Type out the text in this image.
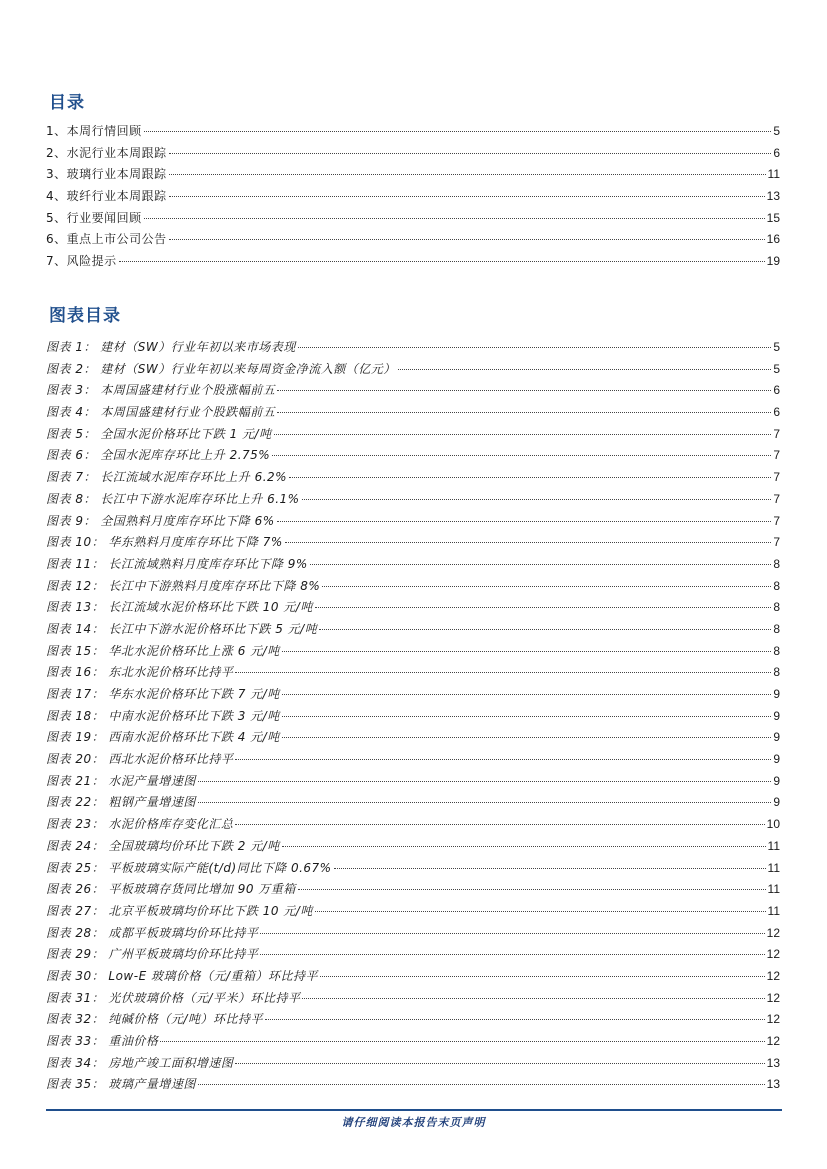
目录
1、本周行情回顾	5
2、水泥行业本周跟踪	6
3、玻璃行业本周跟踪	11
4、玻纤行业本周跟踪	13
5、行业要闻回顾	15
6、重点上市公司公告	16
7、风险提示	19
图表目录
图表 1： 建材（SW）行业年初以来市场表现	5
图表 2： 建材（SW）行业年初以来每周资金净流入额（亿元）	5
图表 3： 本周国盛建材行业个股涨幅前五	6
图表 4： 本周国盛建材行业个股跌幅前五	6
图表 5： 全国水泥价格环比下跌 1 元/吨	7
图表 6： 全国水泥库存环比上升 2.75%	7
图表 7： 长江流域水泥库存环比上升 6.2%	7
图表 8： 长江中下游水泥库存环比上升 6.1%	7
图表 9： 全国熟料月度库存环比下降 6%	7
图表 10： 华东熟料月度库存环比下降 7%	7
图表 11： 长江流域熟料月度库存环比下降 9%	8
图表 12： 长江中下游熟料月度库存环比下降 8%	8
图表 13： 长江流域水泥价格环比下跌 10 元/吨	8
图表 14： 长江中下游水泥价格环比下跌 5 元/吨	8
图表 15： 华北水泥价格环比上涨 6 元/吨	8
图表 16： 东北水泥价格环比持平	8
图表 17： 华东水泥价格环比下跌 7 元/吨	9
图表 18： 中南水泥价格环比下跌 3 元/吨	9
图表 19： 西南水泥价格环比下跌 4 元/吨	9
图表 20： 西北水泥价格环比持平	9
图表 21： 水泥产量增速图	9
图表 22： 粗钢产量增速图	9
图表 23： 水泥价格库存变化汇总	10
图表 24： 全国玻璃均价环比下跌 2 元/吨	11
图表 25： 平板玻璃实际产能(t/d)同比下降 0.67%	11
图表 26： 平板玻璃存货同比增加 90 万重箱	11
图表 27： 北京平板玻璃均价环比下跌 10 元/吨	11
图表 28： 成都平板玻璃均价环比持平	12
图表 29： 广州平板玻璃均价环比持平	12
图表 30： Low-E 玻璃价格（元/重箱）环比持平	12
图表 31： 光伏玻璃价格（元/平米）环比持平	12
图表 32： 纯碱价格（元/吨）环比持平	12
图表 33： 重油价格	12
图表 34： 房地产竣工面积增速图	13
图表 35： 玻璃产量增速图	13
请仔细阅读本报告末页声明
